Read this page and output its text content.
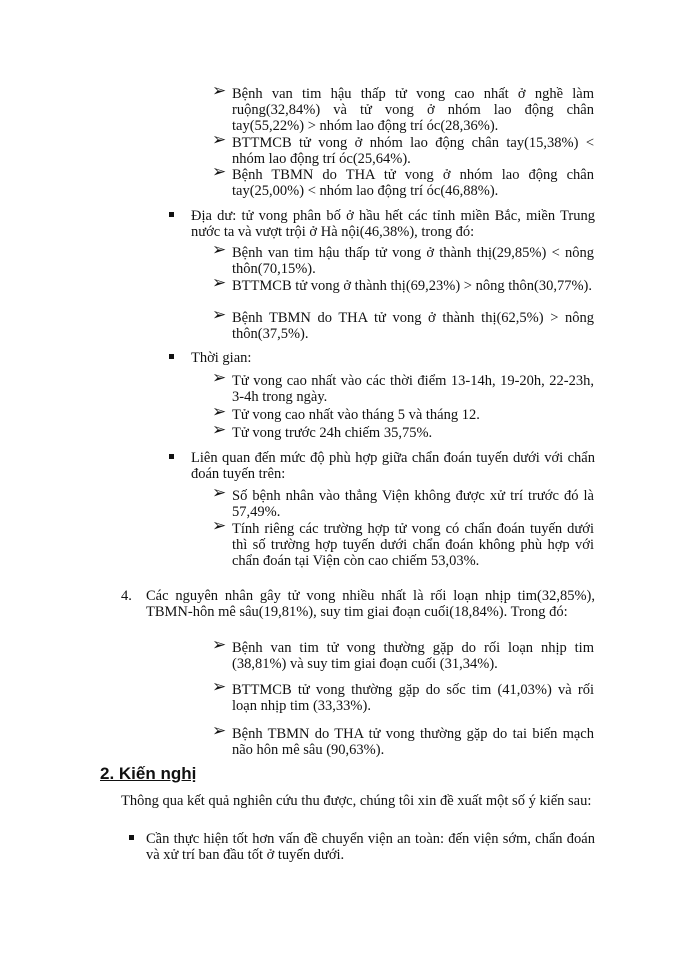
➢ Bệnh van tim hậu thấp tử vong cao nhất ở nghề làm ruộng(32,84%) và tử vong ở nhóm lao động chân tay(55,22%) > nhóm lao động trí óc(28,36%).
➢ BTTMCB tử vong ở nhóm lao động chân tay(15,38%) < nhóm lao động trí óc(25,64%).
➢ Bệnh TBMN do THA tử vong ở nhóm lao động chân tay(25,00%) < nhóm lao động trí óc(46,88%).
Địa dư: tử vong phân bố ở hầu hết các tỉnh miền Bắc, miền Trung nước ta và vượt trội ở Hà nội(46,38%), trong đó:
➢ Bệnh van tim hậu thấp tử vong ở thành thị(29,85%) < nông thôn(70,15%).
➢ BTTMCB tử vong ở thành thị(69,23%) > nông thôn(30,77%).
➢ Bệnh TBMN do THA tử vong ở thành thị(62,5%) > nông thôn(37,5%).
Thời gian:
➢ Tử vong cao nhất vào các thời điểm 13-14h, 19-20h, 22-23h, 3-4h trong ngày.
➢ Tử vong cao nhất vào tháng 5 và tháng 12.
➢ Tử vong trước 24h chiếm 35,75%.
Liên quan đến mức độ phù hợp giữa chẩn đoán tuyến dưới với chẩn đoán tuyến trên:
➢ Số bệnh nhân vào thẳng Viện không được xử trí trước đó là 57,49%.
➢ Tính riêng các trường hợp tử vong có chẩn đoán tuyến dưới thì số trường hợp tuyến dưới chẩn đoán không phù hợp với chẩn đoán tại Viện còn cao chiếm 53,03%.
4. Các nguyên nhân gây tử vong nhiều nhất là rối loạn nhịp tim(32,85%), TBMN-hôn mê sâu(19,81%), suy tim giai đoạn cuối(18,84%). Trong đó:
➢ Bệnh van tim tử vong thường gặp do rối loạn nhịp tim (38,81%) và suy tim giai đoạn cuối (31,34%).
➢ BTTMCB tử vong thường gặp do sốc tim (41,03%) và rối loạn nhịp tim (33,33%).
➢ Bệnh TBMN do THA tử vong thường gặp do tai biến mạch não hôn mê sâu (90,63%).
2. Kiến nghị
Thông qua kết quả nghiên cứu thu được, chúng tôi xin đề xuất một số ý kiến sau:
Cần thực hiện tốt hơn vấn đề chuyển viện an toàn: đến viện sớm, chẩn đoán và xử trí ban đầu tốt ở tuyến dưới.
